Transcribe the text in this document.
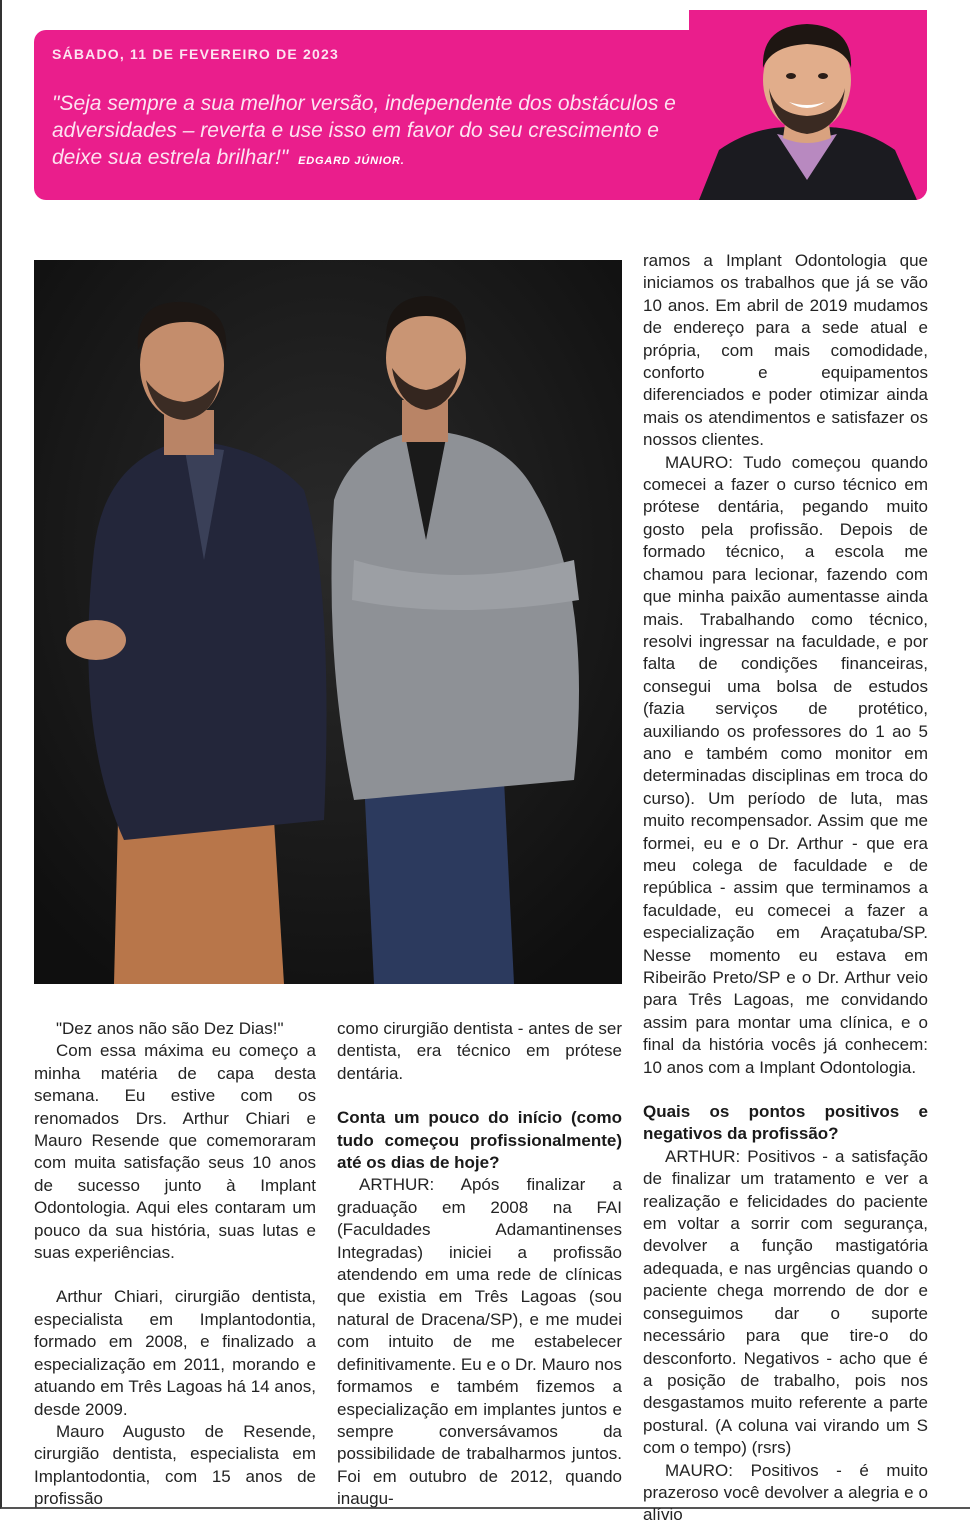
SÁBADO, 11 DE FEVEREIRO DE 2023
"Seja sempre a sua melhor versão, independente dos obstáculos e adversidades – reverta e use isso em favor do seu crescimento e deixe sua estrela brilhar!" EDGARD JÚNIOR.

"Dez anos não são Dez Dias!"

Com essa máxima eu começo a minha matéria de capa desta semana. Eu estive com os renomados Drs. Arthur Chiari e Mauro Resende que comemoraram com muita satisfação seus 10 anos de sucesso junto à Implant Odontologia. Aqui eles contaram um pouco da sua história, suas lutas e suas experiências.

Arthur Chiari, cirurgião dentista, especialista em Implantodontia, formado em 2008, e finalizado a especialização em 2011, morando e atuando em Três Lagoas há 14 anos, desde 2009.

Mauro Augusto de Resende, cirurgião dentista, especialista em Implantodontia, com 15 anos de profissão

como cirurgião dentista - antes de ser dentista, era técnico em prótese dentária.

Conta um pouco do início (como tudo começou profissionalmente) até os dias de hoje?

ARTHUR: Após finalizar a graduação em 2008 na FAI (Faculdades Adamantinenses Integradas) iniciei a profissão atendendo em uma rede de clínicas que existia em Três Lagoas (sou natural de Dracena/SP), e me mudei com intuito de me estabelecer definitivamente. Eu e o Dr. Mauro nos formamos e também fizemos a especialização em implantes juntos e sempre conversávamos da possibilidade de trabalharmos juntos. Foi em outubro de 2012, quando inaugu-

ramos a Implant Odontologia que iniciamos os trabalhos que já se vão 10 anos. Em abril de 2019 mudamos de endereço para a sede atual e própria, com mais comodidade, conforto e equipamentos diferenciados e poder otimizar ainda mais os atendimentos e satisfazer os nossos clientes.

MAURO: Tudo começou quando comecei a fazer o curso técnico em prótese dentária, pegando muito gosto pela profissão. Depois de formado técnico, a escola me chamou para lecionar, fazendo com que minha paixão aumentasse ainda mais. Trabalhando como técnico, resolvi ingressar na faculdade, e por falta de condições financeiras, consegui uma bolsa de estudos (fazia serviços de protético, auxiliando os professores do 1 ao 5 ano e também como monitor em determinadas disciplinas em troca do curso). Um período de luta, mas muito recompensador. Assim que me formei, eu e o Dr. Arthur - que era meu colega de faculdade e de república - assim que terminamos a faculdade, eu comecei a fazer a especialização em Araçatuba/SP. Nesse momento eu estava em Ribeirão Preto/SP e o Dr. Arthur veio para Três Lagoas, me convidando assim para montar uma clínica, e o final da história vocês já conhecem: 10 anos com a Implant Odontologia.

Quais os pontos positivos e negativos da profissão?

ARTHUR: Positivos - a satisfação de finalizar um tratamento e ver a realização e felicidades do paciente em voltar a sorrir com segurança, devolver a função mastigatória adequada, e nas urgências quando o paciente chega morrendo de dor e conseguimos dar o suporte necessário para que tire-o do desconforto. Negativos - acho que é a posição de trabalho, pois nos desgastamos muito referente a parte postural. (A coluna vai virando um S com o tempo) (rsrs)

MAURO: Positivos - é muito prazeroso você devolver a alegria e o alívio
